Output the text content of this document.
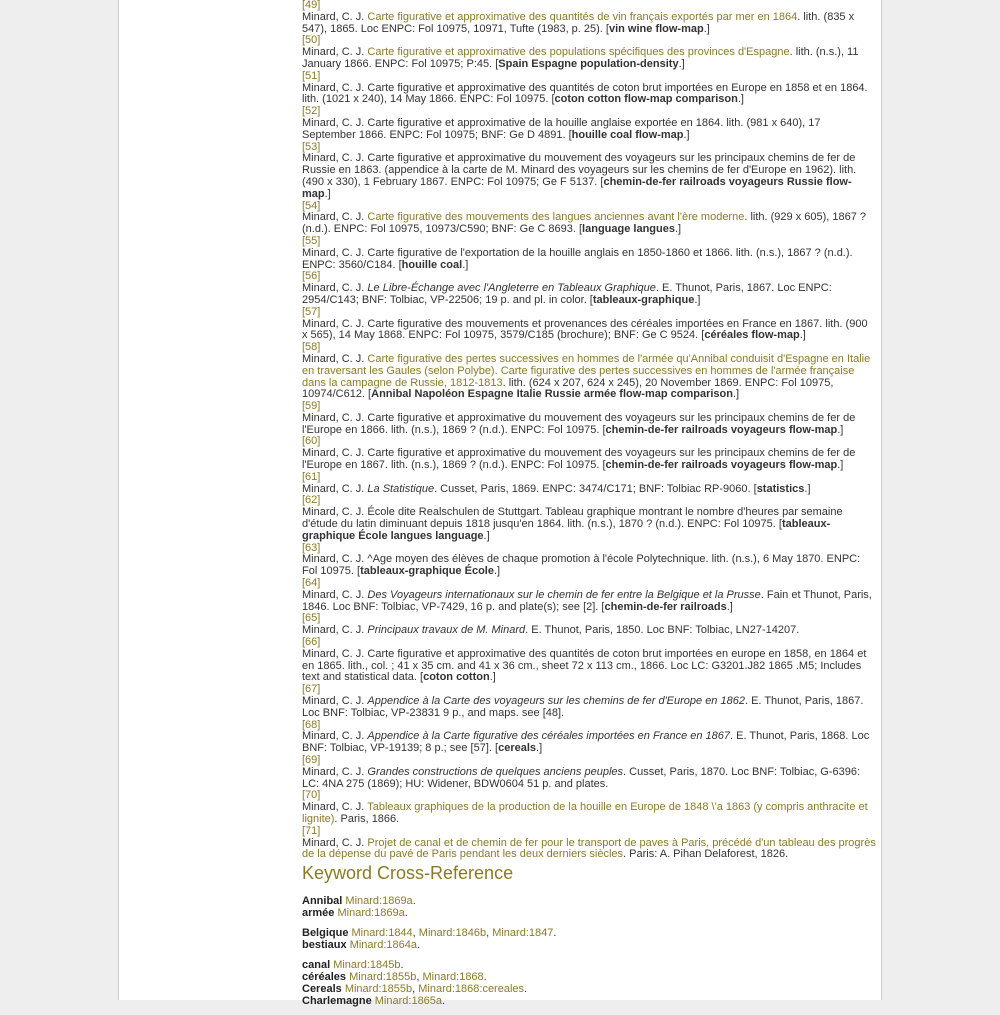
[49]
Minard, C. J. Carte figurative et approximative des quantités de vin français exportés par mer en 1864. lith. (835 x 547), 1865. Loc ENPC: Fol 10975, 10971, Tufte (1983, p. 25). [vin wine flow-map.]
[50]
Minard, C. J. Carte figurative et approximative des populations spécifiques des provinces d'Espagne. lith. (n.s.), 11 January 1866. ENPC: Fol 10975; P:45. [Spain Espagne population-density.]
[51]
Minard, C. J. Carte figurative et approximative des quantités de coton brut importées en Europe en 1858 et en 1864. lith. (1021 x 240), 14 May 1866. ENPC: Fol 10975. [coton cotton flow-map comparison.]
[52]
Minard, C. J. Carte figurative et approximative de la houille anglaise exportée en 1864. lith. (981 x 640), 17 September 1866. ENPC: Fol 10975; BNF: Ge D 4891. [houille coal flow-map.]
[53]
Minard, C. J. Carte figurative et approximative du mouvement des voyageurs sur les principaux chemins de fer de Russie en 1863. (appendice à la carte de M. Minard des voyageurs sur les chemins de fer d'Europe en 1962). lith. (490 x 330), 1 February 1867. ENPC: Fol 10975; Ge F 5137. [chemin-de-fer railroads voyageurs Russie flow-map.]
[54]
Minard, C. J. Carte figurative des mouvements des langues anciennes avant l'ère moderne. lith. (929 x 605), 1867 ? (n.d.). ENPC: Fol 10975, 10973/C590; BNF: Ge C 8693. [language langues.]
[55]
Minard, C. J. Carte figurative de l'exportation de la houille anglais en 1850-1860 et 1866. lith. (n.s.), 1867 ? (n.d.). ENPC: 3560/C184. [houille coal.]
[56]
Minard, C. J. Le Libre-Échange avec l'Angleterre en Tableaux Graphique. E. Thunot, Paris, 1867. Loc ENPC: 2954/C143; BNF: Tolbiac, VP-22506; 19 p. and pl. in color. [tableaux-graphique.]
[57]
Minard, C. J. Carte figurative des mouvements et provenances des céréales importées en France en 1867. lith. (900 x 565), 14 May 1868. ENPC: Fol 10975, 3579/C185 (brochure); BNF: Ge C 9524. [céréales flow-map.]
[58]
Minard, C. J. Carte figurative des pertes successives en hommes de l'armée qu'Annibal conduisit d'Espagne en Italie en traversant les Gaules (selon Polybe). Carte figurative des pertes successives en hommes de l'armée française dans la campagne de Russie, 1812-1813. lith. (624 x 207, 624 x 245), 20 November 1869. ENPC: Fol 10975, 10974/C612. [Annibal Napoléon Espagne Italie Russie armée flow-map comparison.]
[59]
Minard, C. J. Carte figurative et approximative du mouvement des voyageurs sur les principaux chemins de fer de l'Europe en 1866. lith. (n.s.), 1869 ? (n.d.). ENPC: Fol 10975. [chemin-de-fer railroads voyageurs flow-map.]
[60]
Minard, C. J. Carte figurative et approximative du mouvement des voyageurs sur les principaux chemins de fer de l'Europe en 1867. lith. (n.s.), 1869 ? (n.d.). ENPC: Fol 10975. [chemin-de-fer railroads voyageurs flow-map.]
[61]
Minard, C. J. La Statistique. Cusset, Paris, 1869. ENPC: 3474/C171; BNF: Tolbiac RP-9060. [statistics.]
[62]
Minard, C. J. École dite Realschulen de Stuttgart. Tableau graphique montrant le nombre d'heures par semaine d'étude du latin diminuant depuis 1818 jusqu'en 1864. lith. (n.s.), 1870 ? (n.d.). ENPC: Fol 10975. [tableaux-graphique École langues language.]
[63]
Minard, C. J. ^Age moyen des élèves de chaque promotion à l'école Polytechnique. lith. (n.s.), 6 May 1870. ENPC: Fol 10975. [tableaux-graphique École.]
[64]
Minard, C. J. Des Voyageurs internationaux sur le chemin de fer entre la Belgique et la Prusse. Fain et Thunot, Paris, 1846. Loc BNF: Tolbiac, VP-7429, 16 p. and plate(s); see [2]. [chemin-de-fer railroads.]
[65]
Minard, C. J. Principaux travaux de M. Minard. E. Thunot, Paris, 1850. Loc BNF: Tolbiac, LN27-14207.
[66]
Minard, C. J. Carte figurative et approximative des quantités de coton brut importées en europe en 1858, en 1864 et en 1865. lith., col. ; 41 x 35 cm. and 41 x 36 cm., sheet 72 x 113 cm., 1866. Loc LC: G3201.J82 1865 .M5; Includes text and statistical data. [coton cotton.]
[67]
Minard, C. J. Appendice à la Carte des voyageurs sur les chemins de fer d'Europe en 1862. E. Thunot, Paris, 1867. Loc BNF: Tolbiac, VP-23831 9 p., and maps. see [48].
[68]
Minard, C. J. Appendice à la Carte figurative des céréales importées en France en 1867. E. Thunot, Paris, 1868. Loc BNF: Tolbiac, VP-19139; 8 p.; see [57]. [cereals.]
[69]
Minard, C. J. Grandes constructions de quelques anciens peuples. Cusset, Paris, 1870. Loc BNF: Tolbiac, G-6396: LC: 4NA 275 (1869); HU: Widener, BDW0604 51 p. and plates.
[70]
Minard, C. J. Tableaux graphiques de la production de la houille en Europe de 1848 \'a 1863 (y compris anthracite et lignite). Paris, 1866.
[71]
Minard, C. J. Projet de canal et de chemin de fer pour le transport de paves à Paris, précédé d'un tableau des progrès de la dépense du pavé de Paris pendant les deux derniers siècles. Paris: A. Pihan Delaforest, 1826.
Keyword Cross-Reference
Annibal Minard:1869a.
armée Minard:1869a.
Belgique Minard:1844, Minard:1846b, Minard:1847.
bestiaux Minard:1864a.
canal Minard:1845b.
céréales Minard:1855b, Minard:1868.
Cereals Minard:1855b, Minard:1868:cereales.
Charlemagne Minard:1865a.
